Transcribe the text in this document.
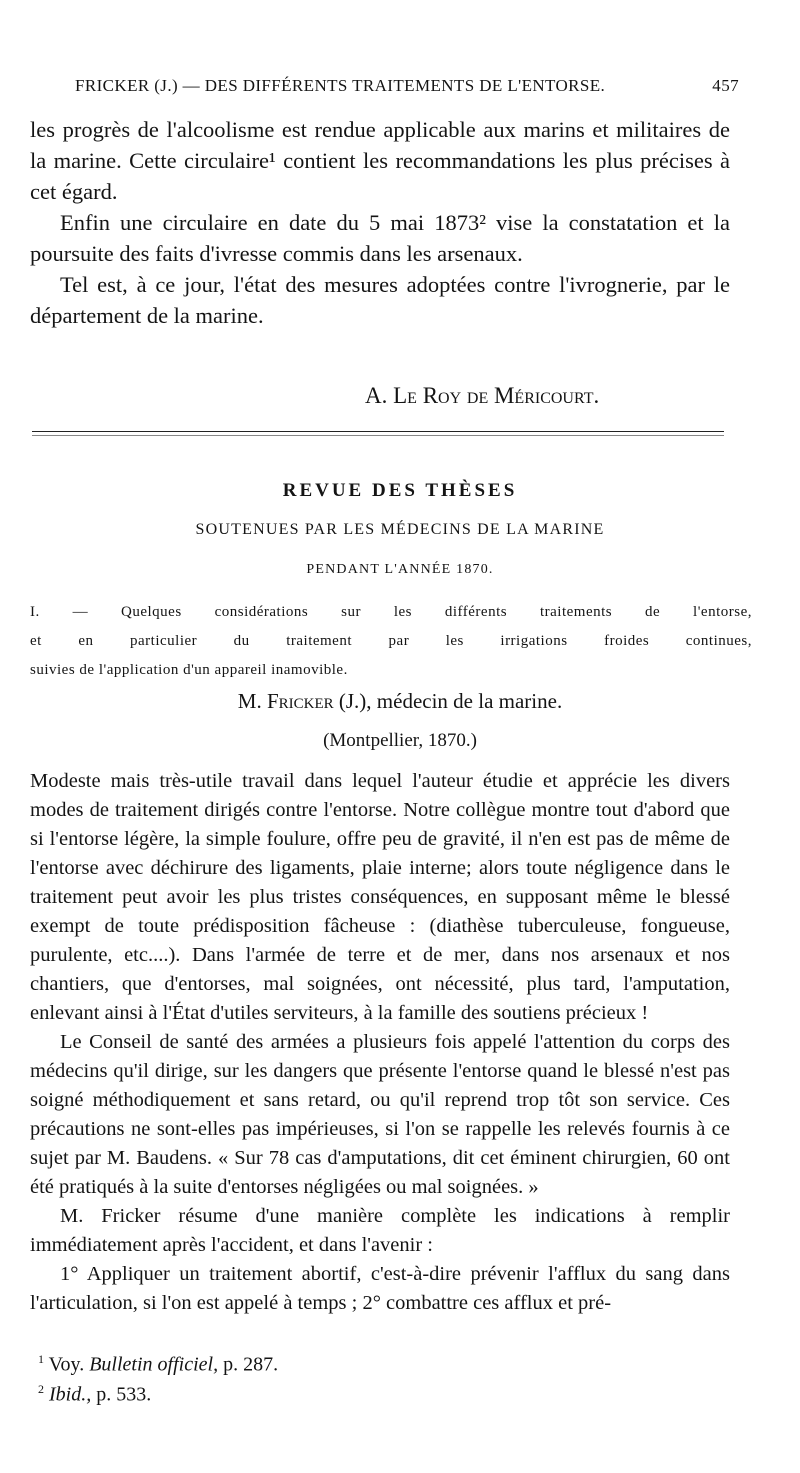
FRICKER (J.) — DES DIFFÉRENTS TRAITEMENTS DE L'ENTORSE.	457

les progrès de l'alcoolisme est rendue applicable aux marins et militaires de la marine. Cette circulaire¹ contient les recommandations les plus précises à cet égard.

Enfin une circulaire en date du 5 mai 1873² vise la constatation et la poursuite des faits d'ivresse commis dans les arsenaux.

Tel est, à ce jour, l'état des mesures adoptées contre l'ivrognerie, par le département de la marine.

A. Le Roy de Méricourt.
REVUE DES THÈSES
SOUTENUES PAR LES MÉDECINS DE LA MARINE
PENDANT L'ANNÉE 1870.
I. — Quelques considérations sur les différents traitements de l'entorse,
et en particulier du traitement par les irrigations froides continues,
suivies de l'application d'un appareil inamovible.
M. Fricker (J.), médecin de la marine.
(Montpellier, 1870.)

Modeste mais très-utile travail dans lequel l'auteur étudie et apprécie les divers modes de traitement dirigés contre l'entorse. Notre collègue montre tout d'abord que si l'entorse légère, la simple foulure, offre peu de gravité, il n'en est pas de même de l'entorse avec déchirure des ligaments, plaie interne; alors toute négligence dans le traitement peut avoir les plus tristes conséquences, en supposant même le blessé exempt de toute prédisposition fâcheuse : (diathèse tuberculeuse, fongueuse, purulente, etc....). Dans l'armée de terre et de mer, dans nos arsenaux et nos chantiers, que d'entorses, mal soignées, ont nécessité, plus tard, l'amputation, enlevant ainsi à l'État d'utiles serviteurs, à la famille des soutiens précieux !

Le Conseil de santé des armées a plusieurs fois appelé l'attention du corps des médecins qu'il dirige, sur les dangers que présente l'entorse quand le blessé n'est pas soigné méthodiquement et sans retard, ou qu'il reprend trop tôt son service. Ces précautions ne sont-elles pas impérieuses, si l'on se rappelle les relevés fournis à ce sujet par M. Baudens. « Sur 78 cas d'amputations, dit cet éminent chirurgien, 60 ont été pratiqués à la suite d'entorses négligées ou mal soignées. »

M. Fricker résume d'une manière complète les indications à remplir immédiatement après l'accident, et dans l'avenir :

1° Appliquer un traitement abortif, c'est-à-dire prévenir l'afflux du sang dans l'articulation, si l'on est appelé à temps ; 2° combattre ces afflux et pré-

$^1$ Voy. Bulletin officiel, p. 287.
$^2$ Ibid., p. 533.
